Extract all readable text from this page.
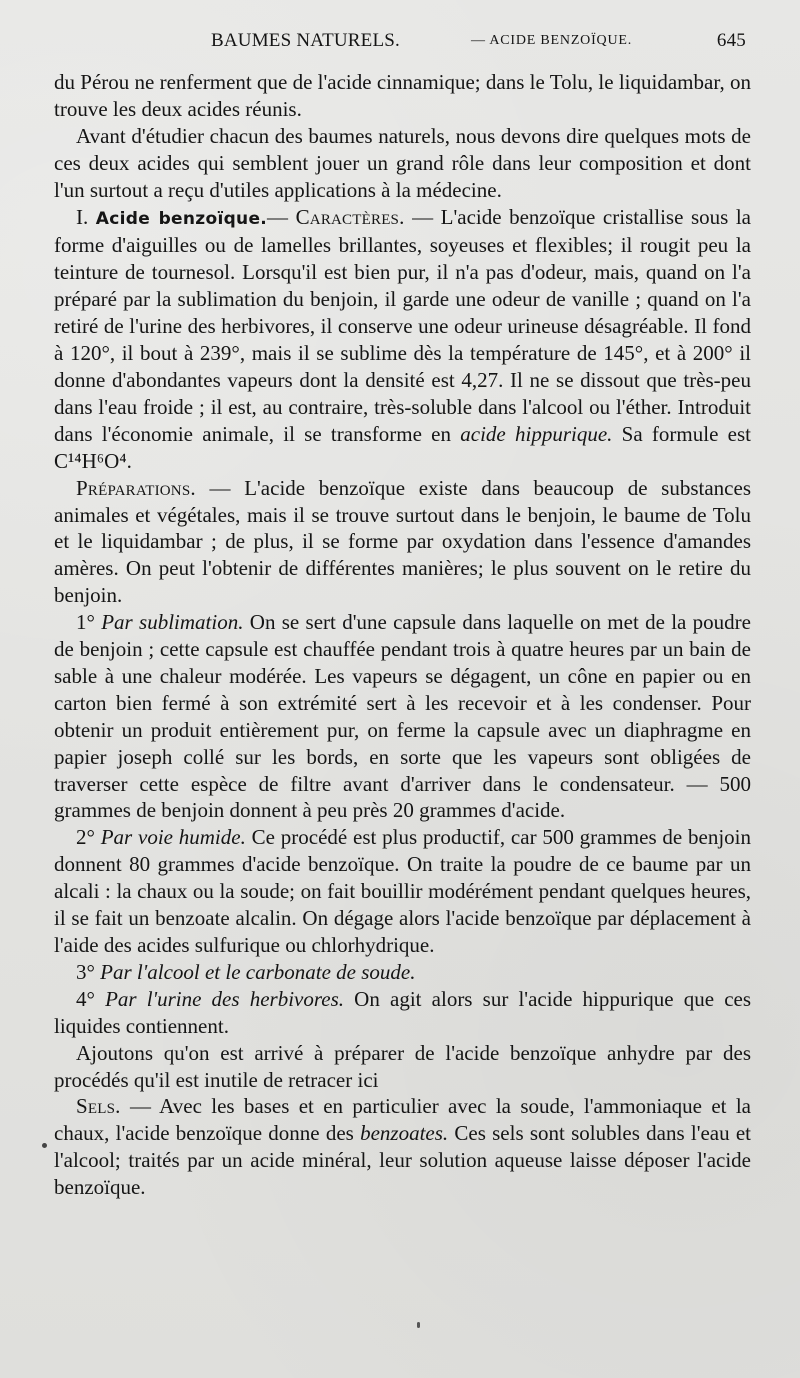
BAUMES NATURELS.	— ACIDE BENZOÏQUE.	645

du Pérou ne renferment que de l'acide cinnamique; dans le Tolu, le liquidambar, on trouve les deux acides réunis.

Avant d'étudier chacun des baumes naturels, nous devons dire quelques mots de ces deux acides qui semblent jouer un grand rôle dans leur composition et dont l'un surtout a reçu d'utiles applications à la médecine.

I. Acide benzoïque.— Caractères. — L'acide benzoïque cristallise sous la forme d'aiguilles ou de lamelles brillantes, soyeuses et flexibles; il rougit peu la teinture de tournesol. Lorsqu'il est bien pur, il n'a pas d'odeur, mais, quand on l'a préparé par la sublimation du benjoin, il garde une odeur de vanille ; quand on l'a retiré de l'urine des herbivores, il conserve une odeur urineuse désagréable. Il fond à 120°, il bout à 239°, mais il se sublime dès la température de 145°, et à 200° il donne d'abondantes vapeurs dont la densité est 4,27. Il ne se dissout que très-peu dans l'eau froide ; il est, au contraire, très-soluble dans l'alcool ou l'éther. Introduit dans l'économie animale, il se transforme en acide hippurique. Sa formule est C¹⁴H⁶O⁴.

Préparations. — L'acide benzoïque existe dans beaucoup de substances animales et végétales, mais il se trouve surtout dans le benjoin, le baume de Tolu et le liquidambar ; de plus, il se forme par oxydation dans l'essence d'amandes amères. On peut l'obtenir de différentes manières; le plus souvent on le retire du benjoin.

1° Par sublimation. On se sert d'une capsule dans laquelle on met de la poudre de benjoin ; cette capsule est chauffée pendant trois à quatre heures par un bain de sable à une chaleur modérée. Les vapeurs se dégagent, un cône en papier ou en carton bien fermé à son extrémité sert à les recevoir et à les condenser. Pour obtenir un produit entièrement pur, on ferme la capsule avec un diaphragme en papier joseph collé sur les bords, en sorte que les vapeurs sont obligées de traverser cette espèce de filtre avant d'arriver dans le condensateur. — 500 grammes de benjoin donnent à peu près 20 grammes d'acide.

2° Par voie humide. Ce procédé est plus productif, car 500 grammes de benjoin donnent 80 grammes d'acide benzoïque. On traite la poudre de ce baume par un alcali : la chaux ou la soude; on fait bouillir modérément pendant quelques heures, il se fait un benzoate alcalin. On dégage alors l'acide benzoïque par déplacement à l'aide des acides sulfurique ou chlorhydrique.

3° Par l'alcool et le carbonate de soude.

4° Par l'urine des herbivores. On agit alors sur l'acide hippurique que ces liquides contiennent.

Ajoutons qu'on est arrivé à préparer de l'acide benzoïque anhydre par des procédés qu'il est inutile de retracer ici

Sels. — Avec les bases et en particulier avec la soude, l'ammoniaque et la chaux, l'acide benzoïque donne des benzoates. Ces sels sont solubles dans l'eau et l'alcool; traités par un acide minéral, leur solution aqueuse laisse déposer l'acide benzoïque.
